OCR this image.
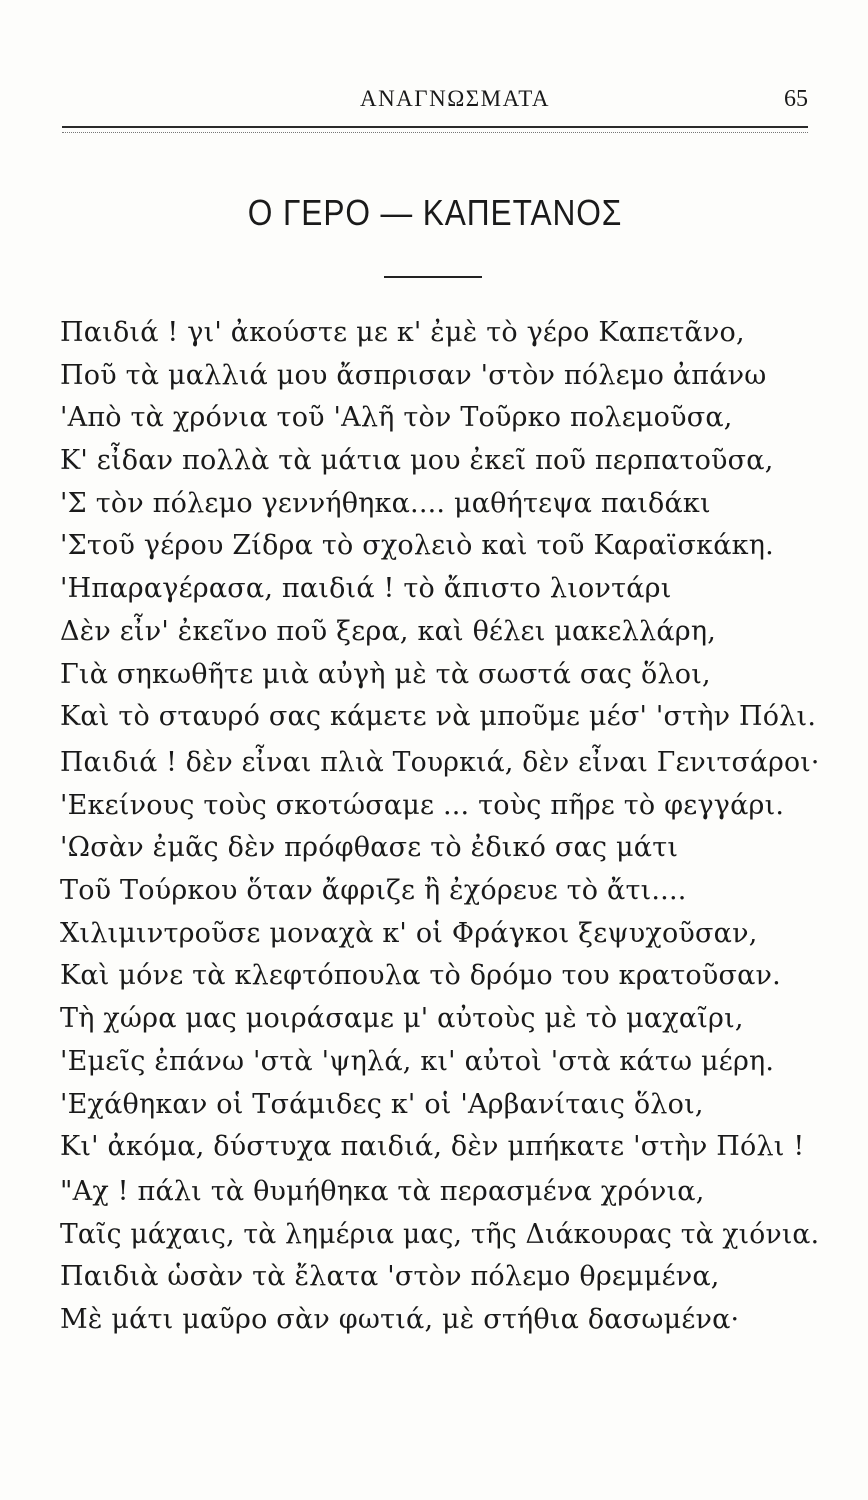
ΑΝΑΓΝΩΣΜΑΤΑ	65
Ο ΓΕΡΟ — ΚΑΠΕΤΑΝΟΣ
Παιδιά ! γι' ἀκούστε με κ' ἐμὲ τὸ γέρο Καπετᾶνο,
Ποῦ τὰ μαλλιά μου ἄσπρισαν 'στὸν πόλεμο ἀπάνω
'Απὸ τὰ χρόνια τοῦ 'Αλῆ τὸν Τοῦρκο πολεμοῦσα,
Κ' εἶδαν πολλὰ τὰ μάτια μου ἐκεῖ ποῦ περπατοῦσα,
'Σ τὸν πόλεμο γεννήθηκα.... μαθήτεψα παιδάκι
'Στοῦ γέρου Ζίδρα τὸ σχολειὸ καὶ τοῦ Καραϊσκάκη.
'Ηπαραγέρασα, παιδιά ! τὸ ἄπιστο λιοντάρι
Δὲν εἶν' ἐκεῖνο ποῦ ξερα, καὶ θέλει μακελλάρη,
Γιὰ σηκωθῆτε μιὰ αὐγὴ μὲ τὰ σωστά σας ὅλοι,
Καὶ τὸ σταυρό σας κάμετε νὰ μποῦμε μέσ' 'στὴν Πόλι.
Παιδιά ! δὲν εἶναι πλιὰ Τουρκιά, δὲν εἶναι Γενιτσάροι·
'Εκείνους τοὺς σκοτώσαμε ... τοὺς πῆρε τὸ φεγγάρι.
'Ωσὰν ἐμᾶς δὲν πρόφθασε τὸ ἐδικό σας μάτι
Τοῦ Τούρκου ὅταν ἄφριζε ἢ ἐχόρευε τὸ ἄτι....
Χιλιμιντροῦσε μοναχὰ κ' οἱ Φράγκοι ξεψυχοῦσαν,
Καὶ μόνε τὰ κλεφτόπουλα τὸ δρόμο του κρατοῦσαν.
Τὴ χώρα μας μοιράσαμε μ' αὐτοὺς μὲ τὸ μαχαῖρι,
'Εμεῖς ἐπάνω 'στὰ 'ψηλά, κι' αὐτοὶ 'στὰ κάτω μέρη.
'Εχάθηκαν οἱ Τσάμιδες κ' οἱ 'Αρβανίταις ὅλοι,
Κι' ἀκόμα, δύστυχα παιδιά, δὲν μπήκατε 'στὴν Πόλι !
"Αχ ! πάλι τὰ θυμήθηκα τὰ περασμένα χρόνια,
Ταῖς μάχαις, τὰ λημέρια μας, τῆς Διάκουρας τὰ χιόνια.
Παιδιὰ ὡσὰν τὰ ἔλατα 'στὸν πόλεμο θρεμμένα,
Μὲ μάτι μαῦρο σὰν φωτιά, μὲ στήθια δασωμένα·
